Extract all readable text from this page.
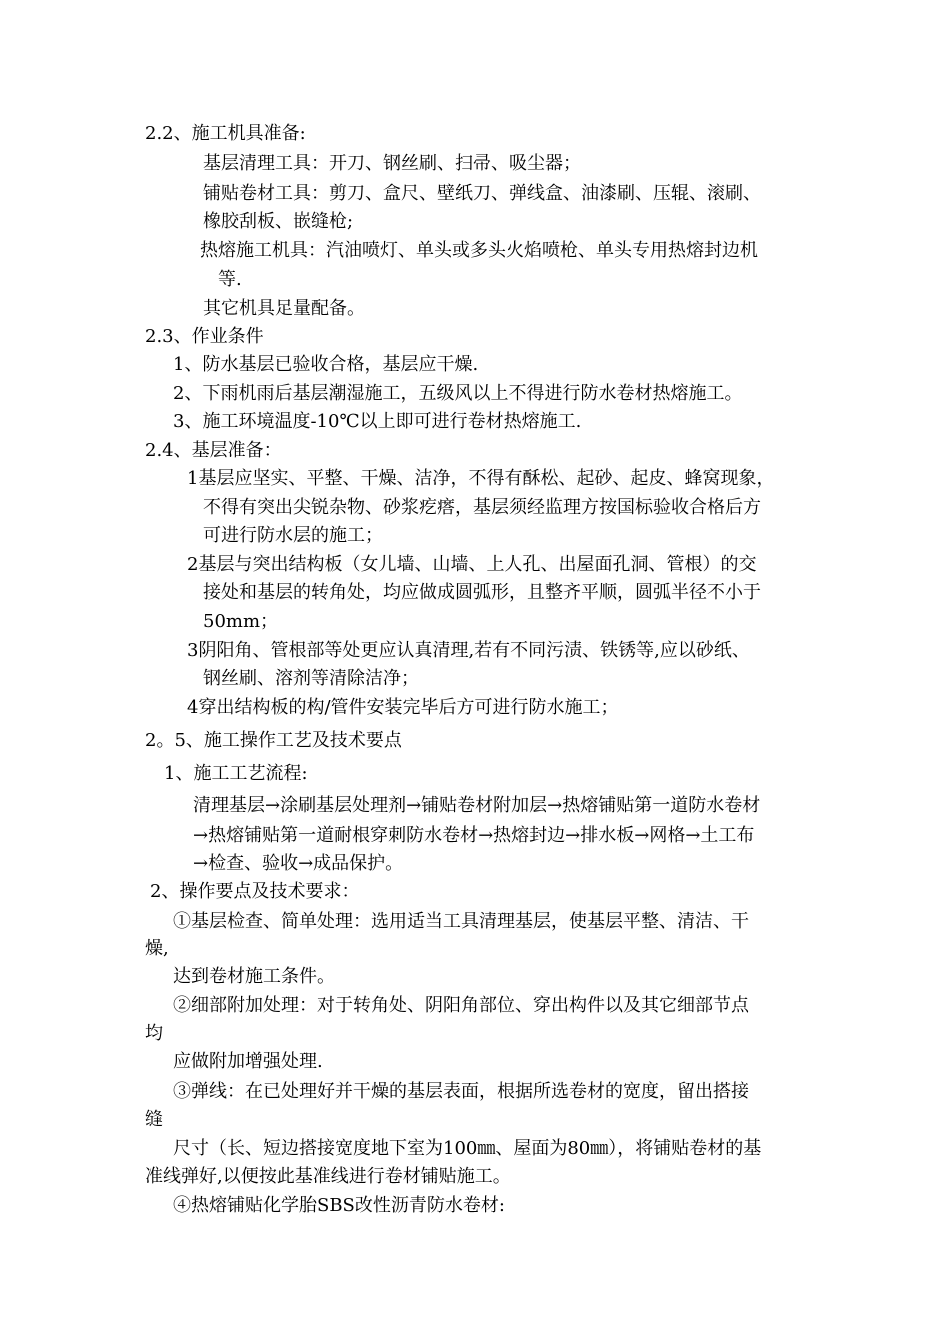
2.2、施工机具准备:
基层清理工具：开刀、钢丝刷、扫帚、吸尘器；
铺贴卷材工具：剪刀、盒尺、壁纸刀、弹线盒、油漆刷、压辊、滚刷、
橡胶刮板、嵌缝枪;
热熔施工机具：汽油喷灯、单头或多头火焰喷枪、单头专用热熔封边机
等.
其它机具足量配备。
2.3、作业条件
1、防水基层已验收合格，基层应干燥.
2、下雨机雨后基层潮湿施工，五级风以上不得进行防水卷材热熔施工。
3、施工环境温度-10℃以上即可进行卷材热熔施工.
2.4、基层准备：
1基层应坚实、平整、干燥、洁净，不得有酥松、起砂、起皮、蜂窝现象，
不得有突出尖锐杂物、砂浆疙瘩，基层须经监理方按国标验收合格后方
可进行防水层的施工；
2基层与突出结构板（女儿墙、山墙、上人孔、出屋面孔洞、管根）的交
接处和基层的转角处，均应做成圆弧形，且整齐平顺，圆弧半径不小于
50mm；
3阴阳角、管根部等处更应认真清理,若有不同污渍、铁锈等,应以砂纸、
钢丝刷、溶剂等清除洁净；
4穿出结构板的构/管件安装完毕后方可进行防水施工；
2。5、施工操作工艺及技术要点
1、施工工艺流程:
清理基层→涂刷基层处理剂→铺贴卷材附加层→热熔铺贴第一道防水卷材
→热熔铺贴第一道耐根穿刺防水卷材→热熔封边→排水板→网格→土工布
→检查、验收→成品保护。
2、操作要点及技术要求：
①基层检查、简单处理：选用适当工具清理基层，使基层平整、清洁、干
燥,
达到卷材施工条件。
②细部附加处理：对于转角处、阴阳角部位、穿出构件以及其它细部节点
均
应做附加增强处理.
③弹线：在已处理好并干燥的基层表面，根据所选卷材的宽度，留出搭接
缝
尺寸（长、短边搭接宽度地下室为100㎜、屋面为80㎜），将铺贴卷材的基
准线弹好,以便按此基准线进行卷材铺贴施工。
④热熔铺贴化学胎SBS改性沥青防水卷材:
